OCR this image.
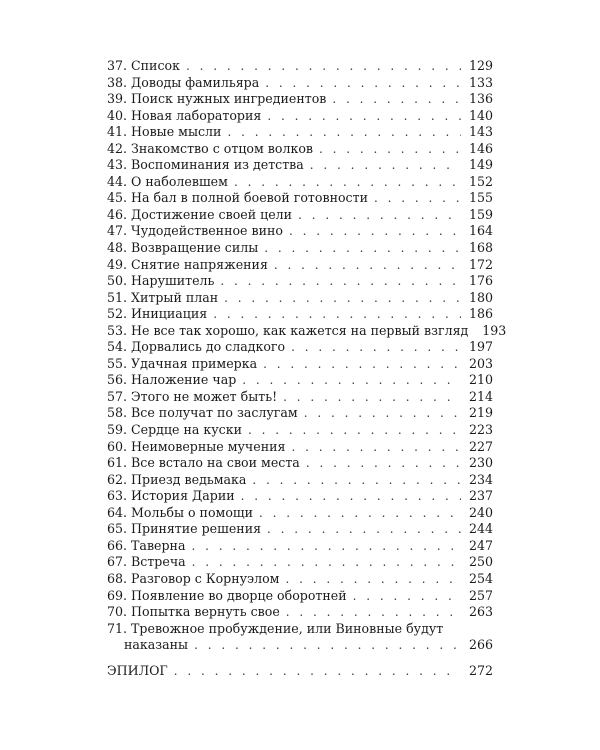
37. Список . . .	129
38. Доводы фамильяра . . .	133
39. Поиск нужных ингредиентов . . .	136
40. Новая лаборатория . . .	140
41. Новые мысли . . .	143
42. Знакомство с отцом волков . . .	146
43. Воспоминания из детства . . .	149
44. О наболевшем . . .	152
45. На бал в полной боевой готовности . . .	155
46. Достижение своей цели . . .	159
47. Чудодейственное вино . . .	164
48. Возвращение силы . . .	168
49. Снятие напряжения . . .	172
50. Нарушитель . . .	176
51. Хитрый план . . .	180
52. Инициация . . .	186
53. Не все так хорошо, как кажется на первый взгляд 193
54. Дорвались до сладкого . . .	197
55. Удачная примерка . . .	203
56. Наложение чар . . .	210
57. Этого не может быть! . . .	214
58. Все получат по заслугам . . .	219
59. Сердце на куски . . .	223
60. Неимоверные мучения . . .	227
61. Все встало на свои места . . .	230
62. Приезд ведьмака . . .	234
63. История Дарии . . .	237
64. Мольбы о помощи . . .	240
65. Принятие решения . . .	244
66. Таверна . . .	247
67. Встреча . . .	250
68. Разговор с Корнуэлом . . .	254
69. Появление во дворце оборотней . . .	257
70. Попытка вернуть свое . . .	263
71. Тревожное пробуждение, или Виновные будут
наказаны . . .	266
ЭПИЛОГ . . .	272
